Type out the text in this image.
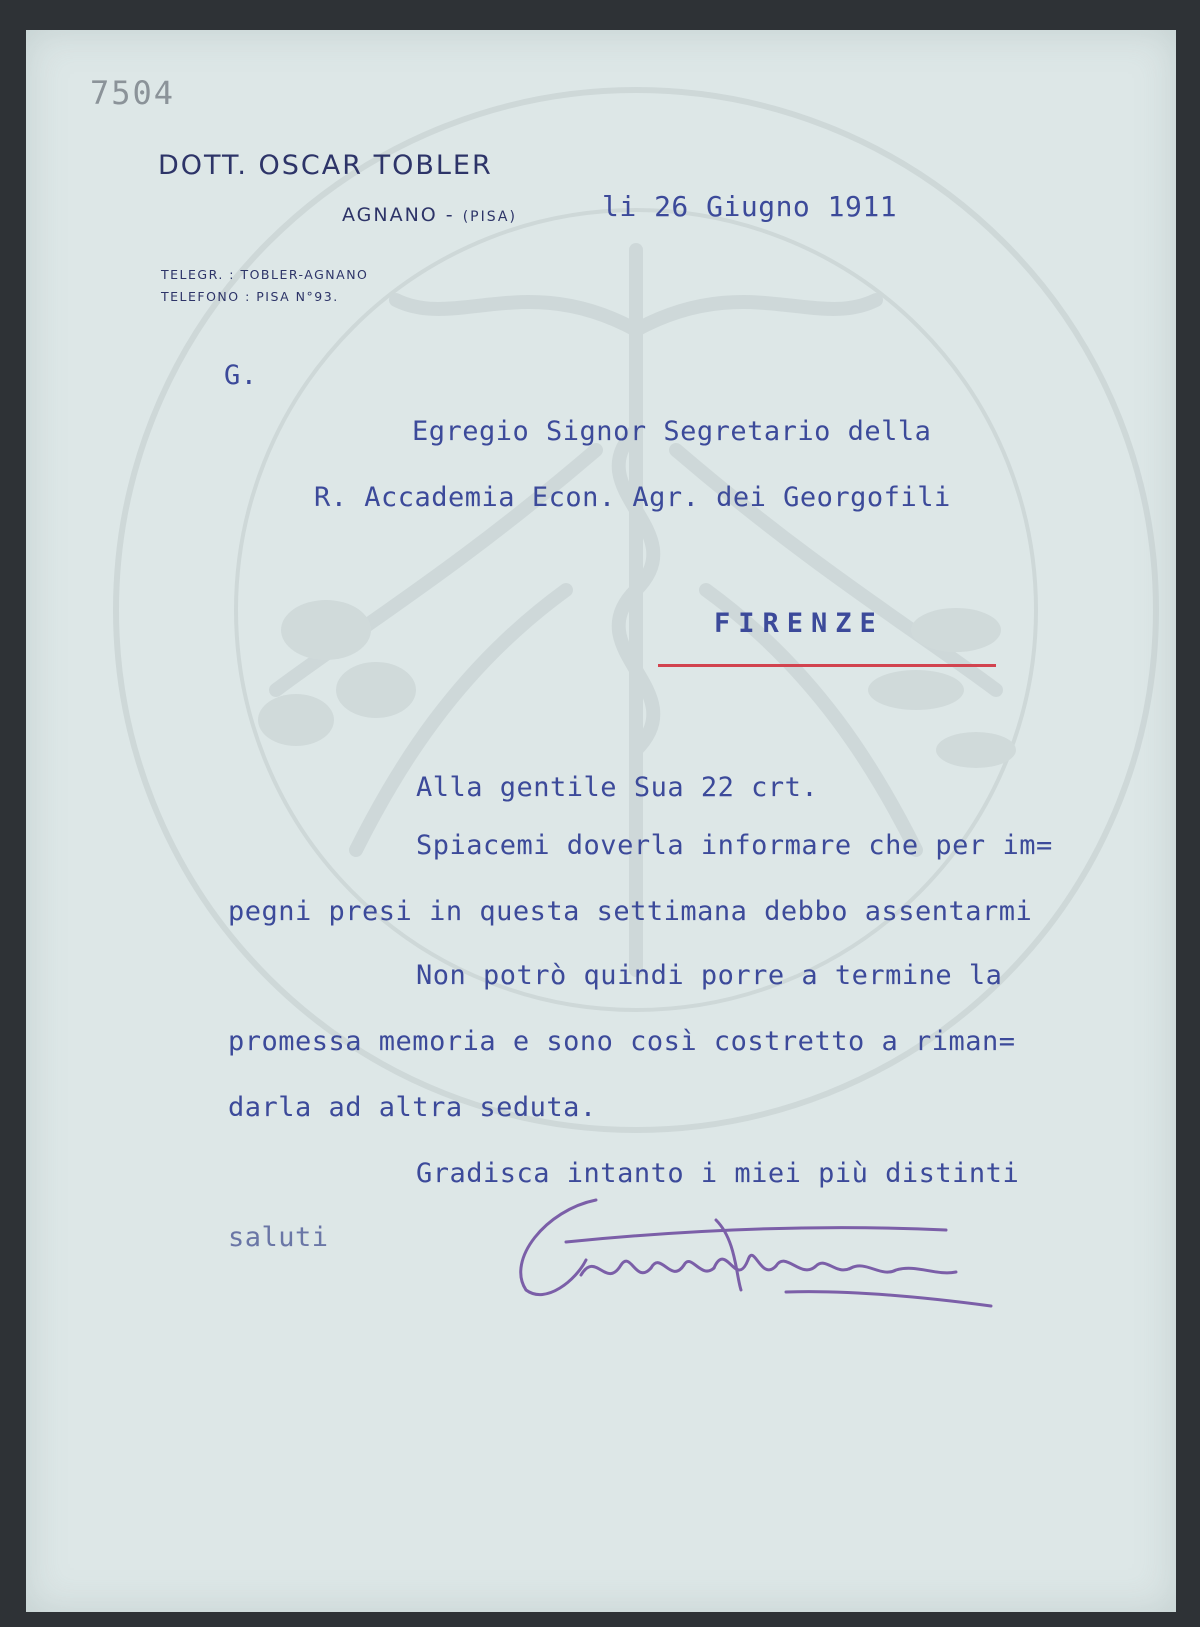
7504
DOTT. OSCAR TOBLER
AGNANO - (PISA)
TELEGR. : TOBLER-AGNANO
TELEFONO : PISA N°93.
li 26 Giugno 1911
G.
Egregio Signor Segretario della
R. Accademia Econ. Agr. dei Georgofili
FIRENZE
Alla gentile Sua 22 crt.
Spiacemi doverla informare che per im=
pegni presi in questa settimana debbo assentarmi
Non potrò quindi porre a termine la
promessa memoria e sono così costretto a riman=
darla ad altra seduta.
Gradisca intanto i miei più distinti
saluti
